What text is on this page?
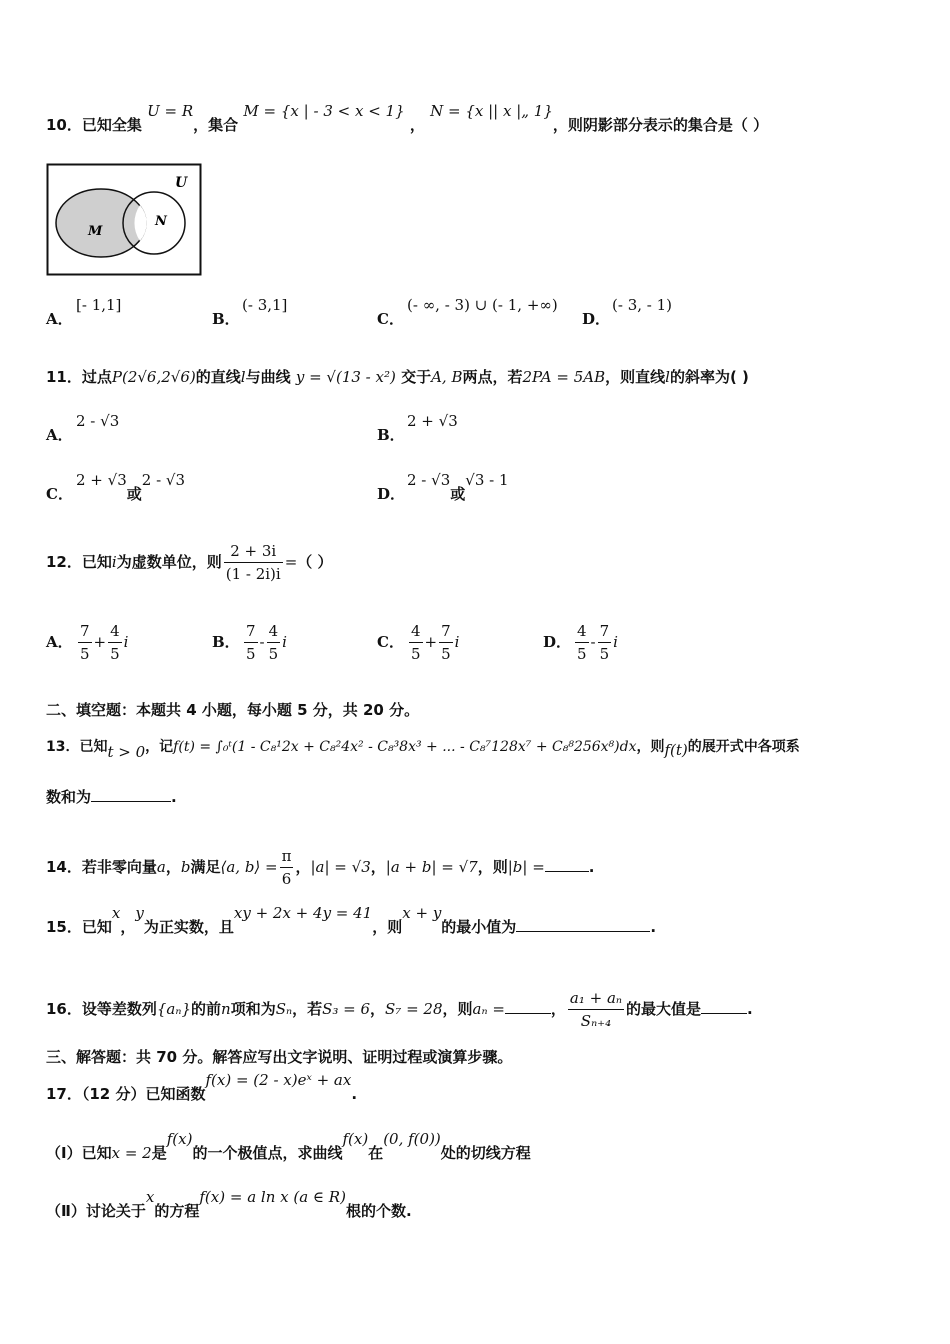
10．已知全集 U = R，集合 M = {x | - 3 < x < 1} ， N = {x || x |„ 1}，则阴影部分表示的集合是（ ）
U
M
N
A．[- 1,1]
B．(- 3,1]
C．(- ∞, - 3) ∪ (- 1, +∞)
D．(- 3, - 1)
11．过点P(2√6,2√6)的直线l与曲线 y = √(13 - x²) 交于A, B两点，若2PA = 5AB，则直线l的斜率为( )
A．2 - √3
B．2 + √3
C．2 + √3或2 - √3
D．2 - √3或√3 - 1
12．已知i为虚数单位，则 $\frac{2 + 3i}{(1 - 2i)i}$ =（ ）
A． $\frac{7}{5} + \frac{4}{5}$ i	B． $\frac{7}{5} - \frac{4}{5}$ i	C． $\frac{4}{5} + \frac{7}{5}$ i	D． $\frac{4}{5} - \frac{7}{5}$ i
二、填空题：本题共 4 小题，每小题 5 分，共 20 分。
13．已知t > 0，记f(t) = ∫₀ᵗ(1 - C₈¹2x + C₈²4x² - C₈³8x³ + ... - C₈⁷128x⁷ + C₈⁸256x⁸)dx，则f(t)的展开式中各项系
数和为	.
14．若非零向量a，b满足⟨a, b⟩ = $\frac{\pi}{6}$ ，|a| = √3，|a + b| = √7，则|b| =	.
15．已知x，y为正实数，且xy + 2x + 4y = 41，则x + y的最小值为	.
16．设等差数列{aₙ}的前n项和为Sₙ，若S₃ = 6，S₇ = 28，则aₙ =	， $\frac{\text{a₁ + aₙ}}{\text{Sₙ₊₄}}$ 的最大值是	.
三、解答题：共 70 分。解答应写出文字说明、证明过程或演算步骤。
17．（12 分）已知函数f(x) = (2 - x)eˣ + ax.
（Ⅰ）已知x = 2是f(x)的一个极值点，求曲线f(x)在(0, f(0))处的切线方程
（Ⅱ）讨论关于x的方程f(x) = a ln x (a ∈ R)根的个数.
